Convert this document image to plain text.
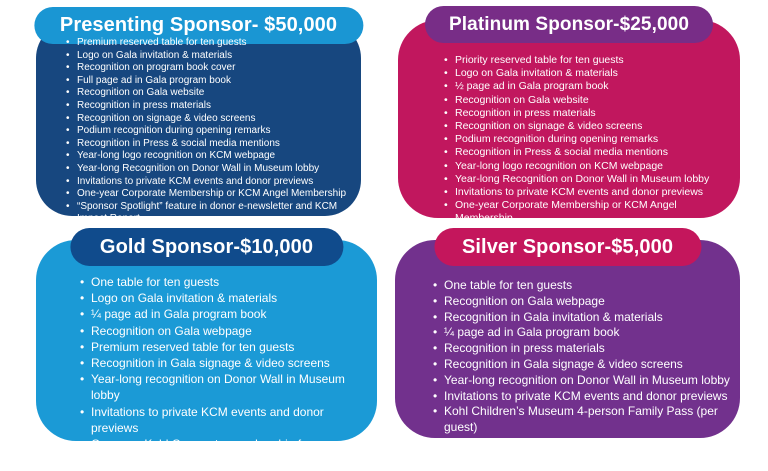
Presenting Sponsor- $50,000
• Premium reserved table for ten guests
• Logo on Gala invitation & materials
• Recognition on program book cover
• Full page ad in Gala program book
• Recognition on Gala website
• Recognition in press materials
• Recognition on signage & video screens
• Podium recognition during opening remarks
• Recognition in Press & social media mentions
• Year-long logo recognition on KCM webpage
• Year-long Recognition on Donor Wall in Museum lobby
• Invitations to private KCM events and donor previews
• One-year Corporate Membership or KCM Angel Membership
• “Sponsor Spotlight” feature in donor e-newsletter and KCM Impact Report
Platinum Sponsor-$25,000
• Priority reserved table for ten guests
• Logo on Gala invitation & materials
• ½ page ad in Gala program book
• Recognition on Gala website
• Recognition in press materials
• Recognition on signage & video screens
• Podium recognition during opening remarks
• Recognition in Press & social media mentions
• Year-long logo recognition on KCM webpage
• Year-long Recognition on Donor Wall in Museum lobby
• Invitations to private KCM events and donor previews
• One-year Corporate Membership or KCM Angel Membership
Gold Sponsor-$10,000
• One table for ten guests
• Logo on Gala invitation & materials
• ¼ page ad in Gala program book
• Recognition on Gala webpage
• Premium reserved table for ten guests
• Recognition in Gala signage & video screens
• Year-long recognition on Donor Wall in Museum lobby
• Invitations to private KCM events and donor previews
• One-year Kohl Corporate membership for Employees
Silver Sponsor-$5,000
• One table for ten guests
• Recognition on Gala webpage
• Recognition in Gala invitation & materials
• ¼ page ad in Gala program book
• Recognition in press materials
• Recognition in Gala signage & video screens
• Year-long recognition on Donor Wall in Museum lobby
• Invitations to private KCM events and donor previews
• Kohl Children’s Museum 4-person Family Pass (per guest)
